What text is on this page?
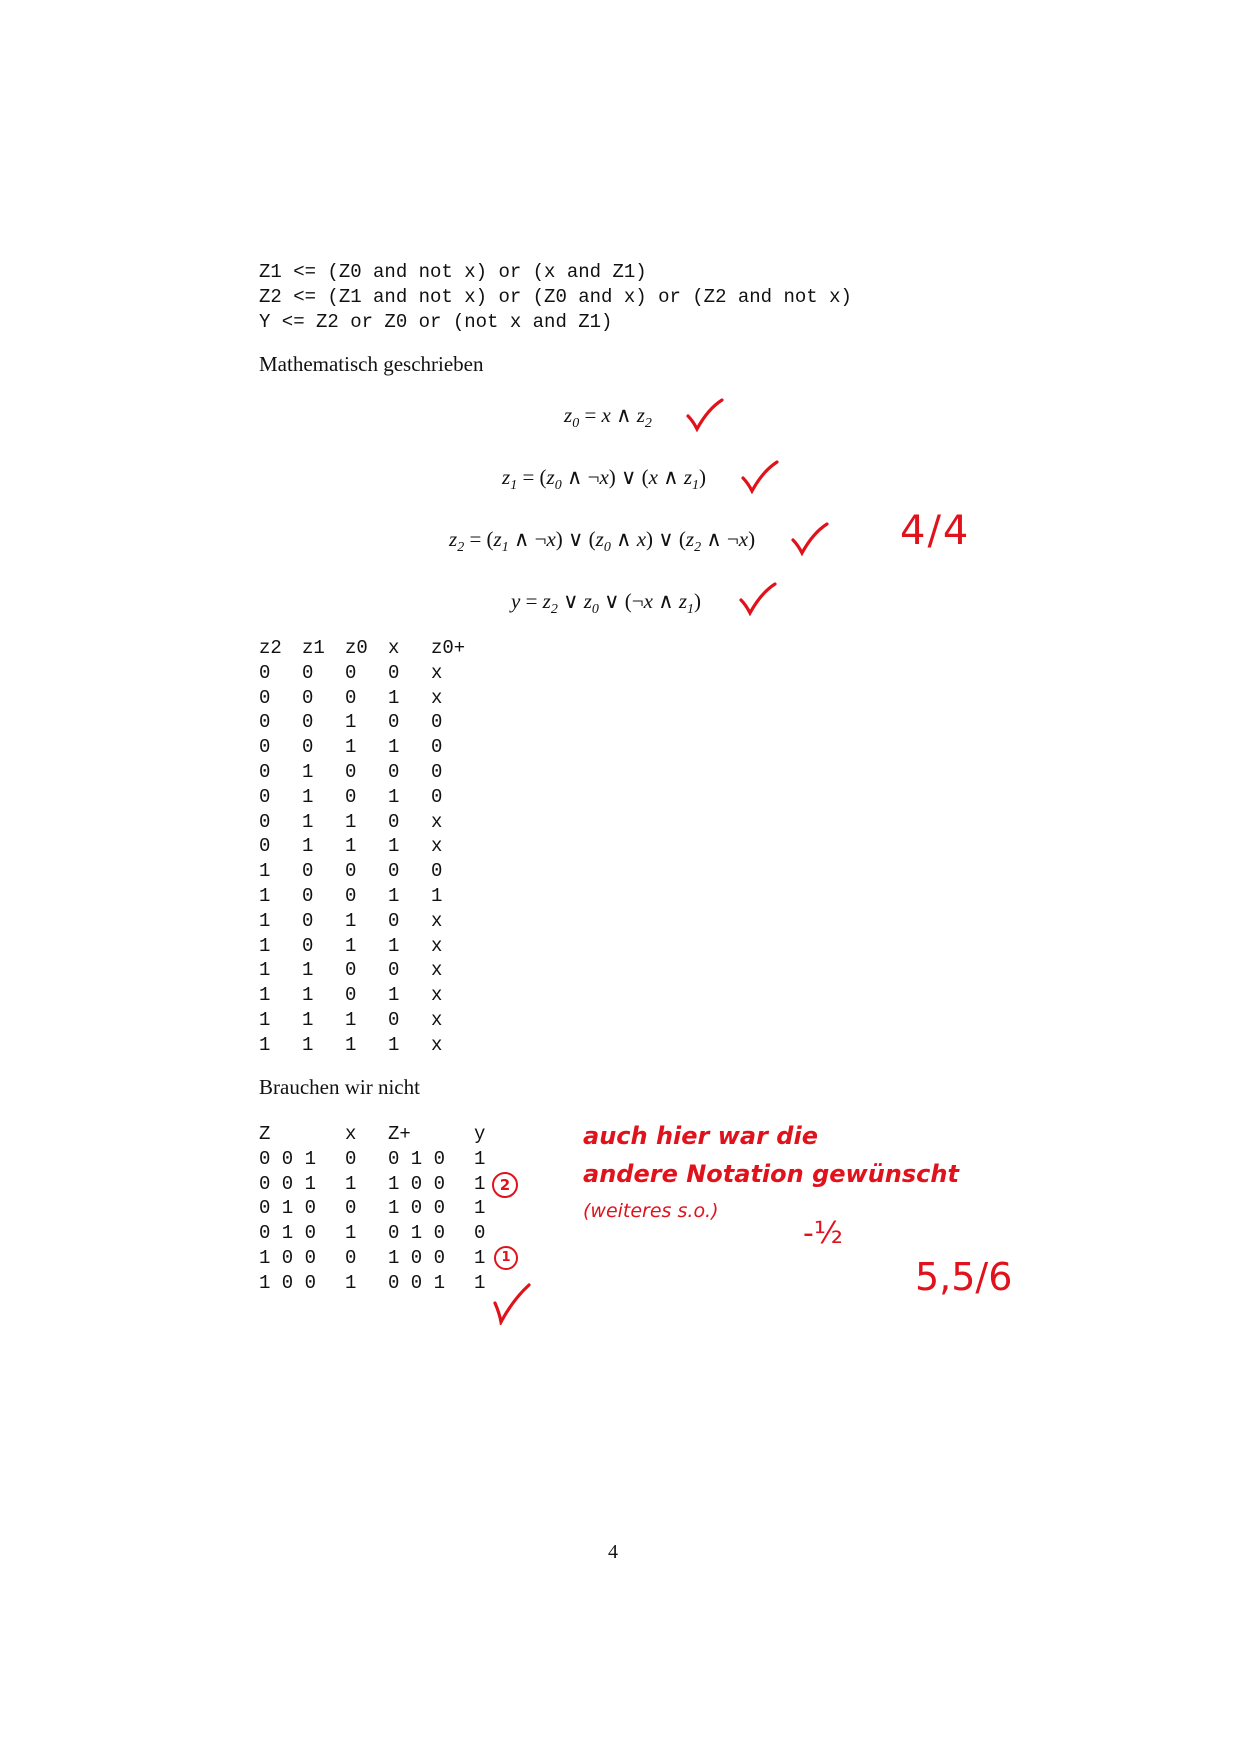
Z1 <= (Z0 and not x) or (x and Z1)
Z2 <= (Z1 and not x) or (Z0 and x) or (Z2 and not x)
Y <= Z2 or Z0 or (not x and Z1)
Mathematisch geschrieben
$z_0 = x$ ∧ $z_2$
$z_1 = (z_0$ ∧ ¬x) ∨ (x ∧ $z_1$)
$z_2 = (z_1$ ∧ ¬x) ∨ ($z_0$ ∧ x) ∨ ($z_2$ ∧ ¬x)
$y = z_2$ ∨ $z_0$ ∨ (¬x ∧ $z_1$)
4/4
z2 z1 z0 x z0+
0 0 0 0 x
0 0 0 1 x
0 0 1 0 0
0 0 1 1 0
0 1 0 0 0
0 1 0 1 0
0 1 1 0 x
0 1 1 1 x
1 0 0 0 0
1 0 0 1 1
1 0 1 0 x
1 0 1 1 x
1 1 0 0 x
1 1 0 1 x
1 1 1 0 x
1 1 1 1 x
Brauchen wir nicht
Z	x Z+	y
0 0 1 0 0 1 0 1
0 0 1 1 1 0 0 1
0 1 0 0 1 0 0 1
0 1 0 1 0 1 0 0
1 0 0 0 1 0 0 1
1 0 0 1 0 0 1 1
2
1
auch hier war die
andere Notation gewünscht
(weiteres s.o.)
-½
5,5/6
4
